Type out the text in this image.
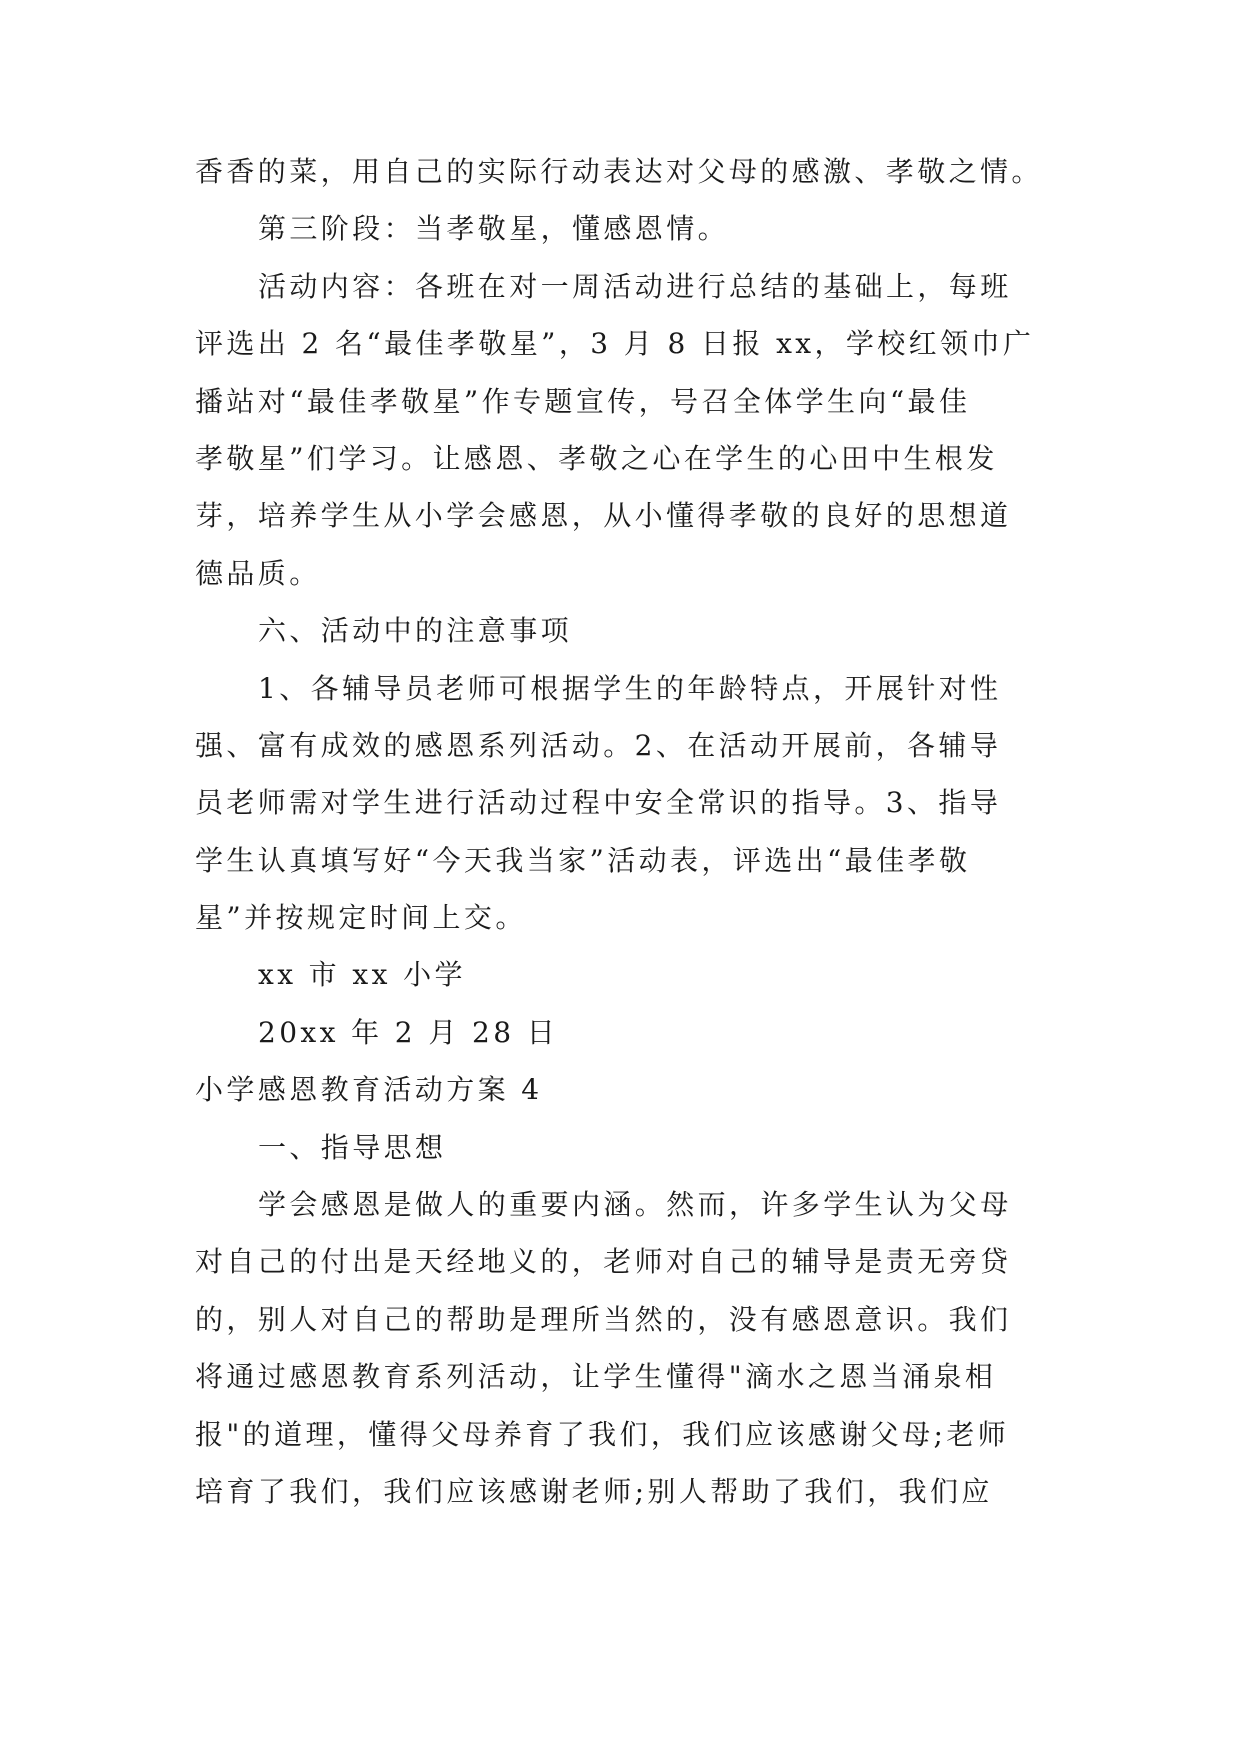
香香的菜，用自己的实际行动表达对父母的感激、孝敬之情。
第三阶段：当孝敬星，懂感恩情。
活动内容：各班在对一周活动进行总结的基础上，每班
评选出 2 名“最佳孝敬星”，3 月 8 日报 xx，学校红领巾广
播站对“最佳孝敬星”作专题宣传，号召全体学生向“最佳
孝敬星”们学习。让感恩、孝敬之心在学生的心田中生根发
芽，培养学生从小学会感恩，从小懂得孝敬的良好的思想道
德品质。
六、活动中的注意事项
1、各辅导员老师可根据学生的年龄特点，开展针对性
强、富有成效的感恩系列活动。2、在活动开展前，各辅导
员老师需对学生进行活动过程中安全常识的指导。3、指导
学生认真填写好“今天我当家”活动表，评选出“最佳孝敬
星”并按规定时间上交。
xx 市 xx 小学
20xx 年 2 月 28 日
小学感恩教育活动方案 4
一、指导思想
学会感恩是做人的重要内涵。然而，许多学生认为父母
对自己的付出是天经地义的，老师对自己的辅导是责无旁贷
的，别人对自己的帮助是理所当然的，没有感恩意识。我们
将通过感恩教育系列活动，让学生懂得"滴水之恩当涌泉相
报"的道理，懂得父母养育了我们，我们应该感谢父母;老师
培育了我们，我们应该感谢老师;别人帮助了我们，我们应
